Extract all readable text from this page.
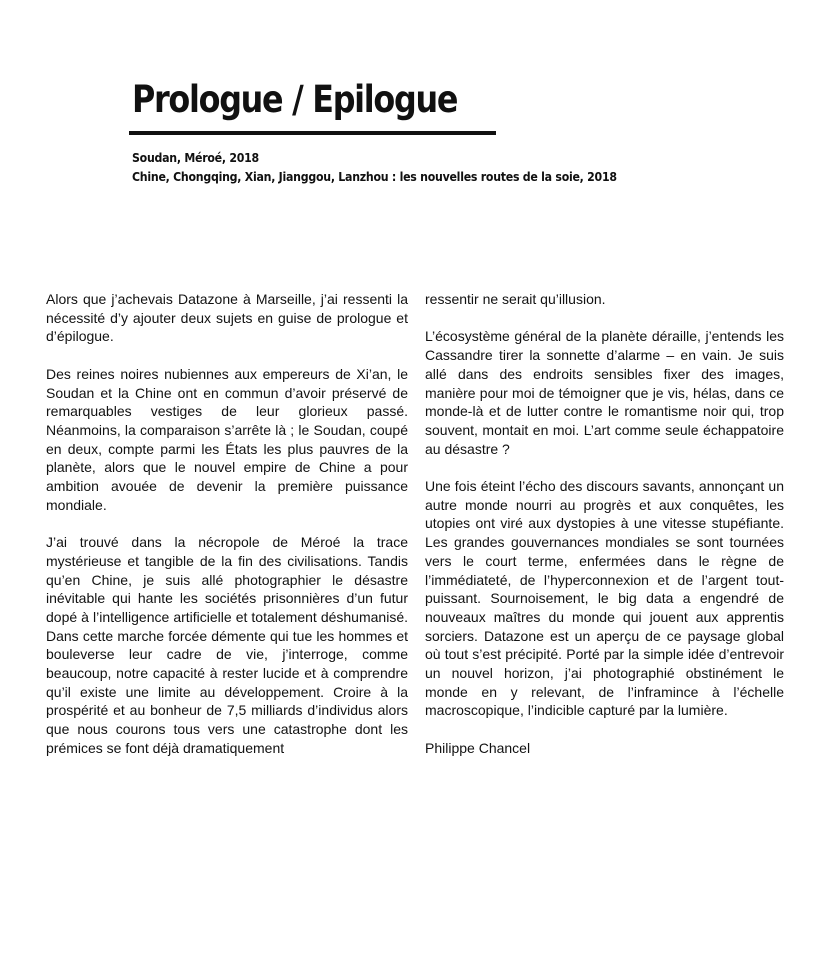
Prologue / Epilogue
Soudan, Méroé, 2018
Chine, Chongqing, Xian, Jianggou, Lanzhou : les nouvelles routes de la soie, 2018

Alors que j’achevais Datazone à Marseille, j’ai ressenti la nécessité d’y ajouter deux sujets en guise de prologue et d’épilogue.

Des reines noires nubiennes aux empereurs de Xi’an, le Soudan et la Chine ont en commun d’avoir préservé de remarquables vestiges de leur glorieux passé. Néanmoins, la comparaison s’arrête là ; le Soudan, coupé en deux, compte parmi les États les plus pauvres de la planète, alors que le nouvel empire de Chine a pour ambition avouée de devenir la première puissance mondiale.

J’ai trouvé dans la nécropole de Méroé la trace mystérieuse et tangible de la fin des civilisations. Tandis qu’en Chine, je suis allé photographier le désastre inévitable qui hante les sociétés prisonnières d’un futur dopé à l’intelligence artificielle et totalement déshumanisé. Dans cette marche forcée démente qui tue les hommes et bouleverse leur cadre de vie, j’interroge, comme beaucoup, notre capacité à rester lucide et à comprendre qu’il existe une limite au développement. Croire à la prospérité et au bonheur de 7,5 milliards d’individus alors que nous courons tous vers une catastrophe dont les prémices se font déjà dramatiquement

ressentir ne serait qu’illusion.

L’écosystème général de la planète déraille, j’entends les Cassandre tirer la sonnette d’alarme – en vain. Je suis allé dans des endroits sensibles fixer des images, manière pour moi de témoigner que je vis, hélas, dans ce monde-là et de lutter contre le romantisme noir qui, trop souvent, montait en moi. L’art comme seule échappatoire au désastre ?

Une fois éteint l’écho des discours savants, annonçant un autre monde nourri au progrès et aux conquêtes, les utopies ont viré aux dystopies à une vitesse stupéfiante. Les grandes gouvernances mondiales se sont tournées vers le court terme, enfermées dans le règne de l’immédiateté, de l’hyperconnexion et de l’argent tout-puissant. Sournoisement, le big data a engendré de nouveaux maîtres du monde qui jouent aux apprentis sorciers. Datazone est un aperçu de ce paysage global où tout s’est précipité. Porté par la simple idée d’entrevoir un nouvel horizon, j’ai photographié obstinément le monde en y relevant, de l’inframince à l’échelle macroscopique, l’indicible capturé par la lumière.

Philippe Chancel
